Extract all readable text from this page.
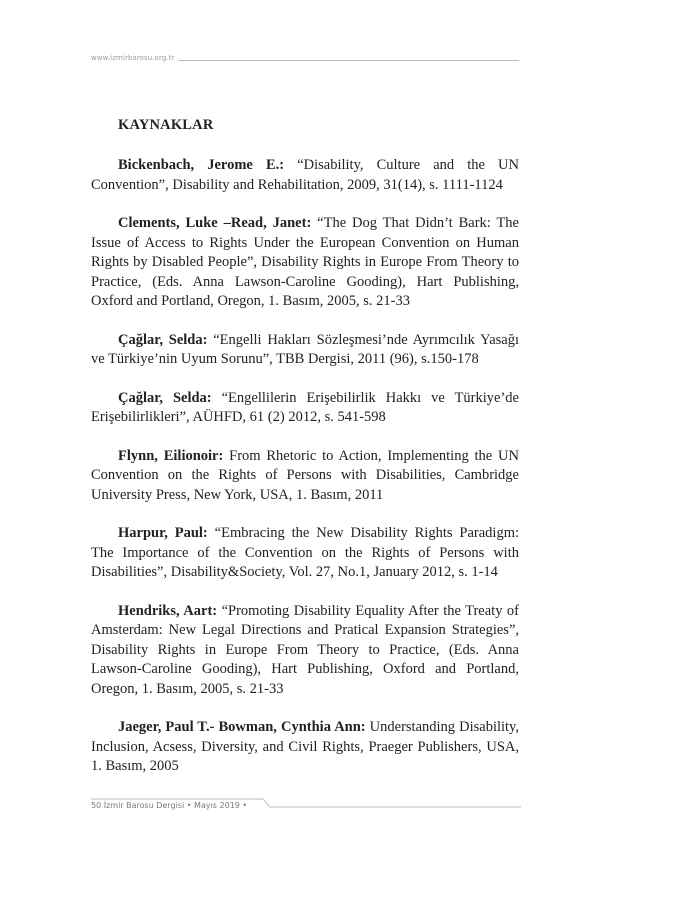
www.izmirbarosu.org.tr
KAYNAKLAR

Bickenbach, Jerome E.: “Disability, Culture and the UN Convention”, Disability and Rehabilitation, 2009, 31(14), s. 1111-1124

Clements, Luke –Read, Janet: “The Dog That Didn’t Bark: The Issue of Access to Rights Under the European Convention on Human Rights by Disabled People”, Disability Rights in Europe From Theory to Practice, (Eds. Anna Lawson-Caroline Gooding), Hart Publishing, Oxford and Portland, Oregon, 1. Basım, 2005, s. 21-33

Çağlar, Selda: “Engelli Hakları Sözleşmesi’nde Ayrımcılık Yasağı ve Türkiye’nin Uyum Sorunu”, TBB Dergisi, 2011 (96), s.150-178

Çağlar, Selda: “Engellilerin Erişebilirlik Hakkı ve Türkiye’de Erişebilirlikleri”, AÜHFD, 61 (2) 2012, s. 541-598

Flynn, Eilionoir: From Rhetoric to Action, Implementing the UN Convention on the Rights of Persons with Disabilities, Cambridge University Press, New York, USA, 1. Basım, 2011

Harpur, Paul: “Embracing the New Disability Rights Paradigm: The Importance of the Convention on the Rights of Persons with Disabilities”, Disability&Society, Vol. 27, No.1, January 2012, s. 1-14

Hendriks, Aart: “Promoting Disability Equality After the Treaty of Amsterdam: New Legal Directions and Pratical Expansion Strategies”, Disability Rights in Europe From Theory to Practice, (Eds. Anna Lawson-Caroline Gooding), Hart Publishing, Oxford and Portland, Oregon, 1. Basım, 2005, s. 21-33

Jaeger, Paul T.- Bowman, Cynthia Ann: Understanding Disability, Inclusion, Acsess, Diversity, and Civil Rights, Praeger Publishers, USA, 1. Basım, 2005

50 İzmir Barosu Dergisi • Mayıs 2019 •
